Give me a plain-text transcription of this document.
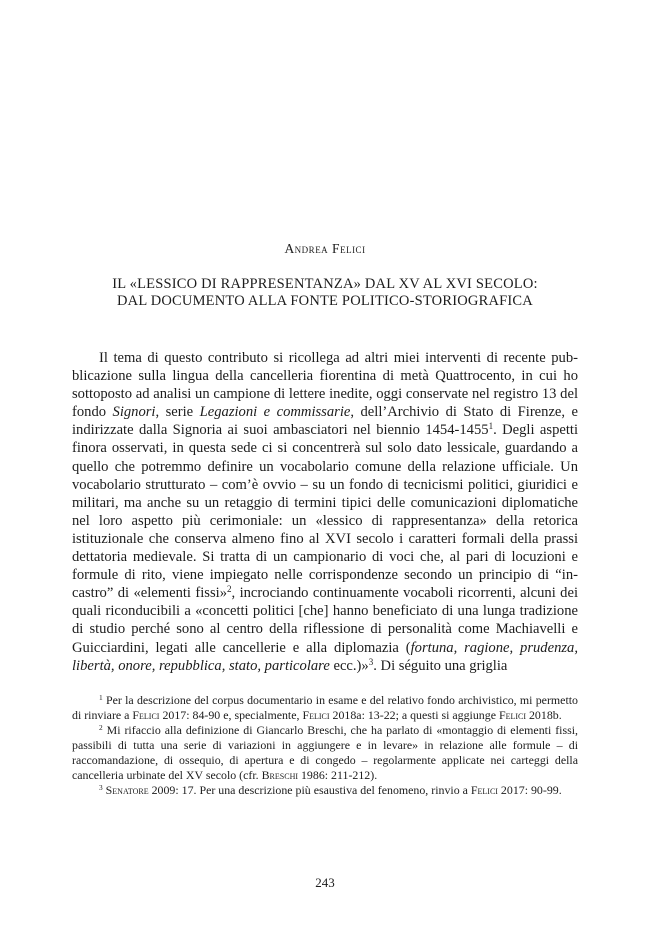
Andrea Felici
IL «LESSICO DI RAPPRESENTANZA» DAL XV AL XVI SECOLO:
DAL DOCUMENTO ALLA FONTE POLITICO-STORIOGRAFICA

Il tema di questo contributo si ricollega ad altri miei interventi di recente pubblicazione sulla lingua della cancelleria fiorentina di metà Quattrocento, in cui ho sottoposto ad analisi un campione di lettere inedite, oggi conservate nel registro 13 del fondo Signori, serie Legazioni e commissarie, dell’Archivio di Stato di Firenze, e indirizzate dalla Signoria ai suoi ambasciatori nel biennio 1454-1455$^1$. Degli aspetti finora osservati, in questa sede ci si concentrerà sul solo dato lessicale, guardando a quello che potremmo definire un vocabolario comune della relazione ufficiale. Un vocabolario strutturato – com’è ovvio – su un fondo di tecnicismi politici, giuridici e militari, ma anche su un retaggio di termini tipici delle comunicazioni diplomatiche nel loro aspetto più cerimoniale: un «lessico di rappresentanza» della retorica istituzionale che conserva almeno fino al XVI secolo i caratteri formali della prassi dettatoria medievale. Si tratta di un campionario di voci che, al pari di locuzioni e formule di rito, viene impiegato nelle corrispondenze secondo un principio di “incastro” di «elementi fissi»$^2$, incrociando continuamente vocaboli ricorrenti, alcuni dei quali riconducibili a «concetti politici [che] hanno beneficiato di una lunga tradizione di studio perché sono al centro della riflessione di personalità come Machiavelli e Guicciardini, legati alle cancellerie e alla diplomazia (fortuna, ragione, prudenza, libertà, onore, repubblica, stato, particolare ecc.)»$^3$. Di séguito una griglia

$^1$ Per la descrizione del corpus documentario in esame e del relativo fondo archivistico, mi permetto di rinviare a Felici 2017: 84-90 e, specialmente, Felici 2018a: 13-22; a questi si aggiunge Felici 2018b.

$^2$ Mi rifaccio alla definizione di Giancarlo Breschi, che ha parlato di «montaggio di elementi fissi, passibili di tutta una serie di variazioni in aggiungere e in levare» in relazione alle formule – di raccomandazione, di ossequio, di apertura e di congedo – regolarmente applicate nei carteggi della cancelleria urbinate del XV secolo (cfr. Breschi 1986: 211-212).

$^3$ Senatore 2009: 17. Per una descrizione più esaustiva del fenomeno, rinvio a Felici 2017: 90-99.

243
